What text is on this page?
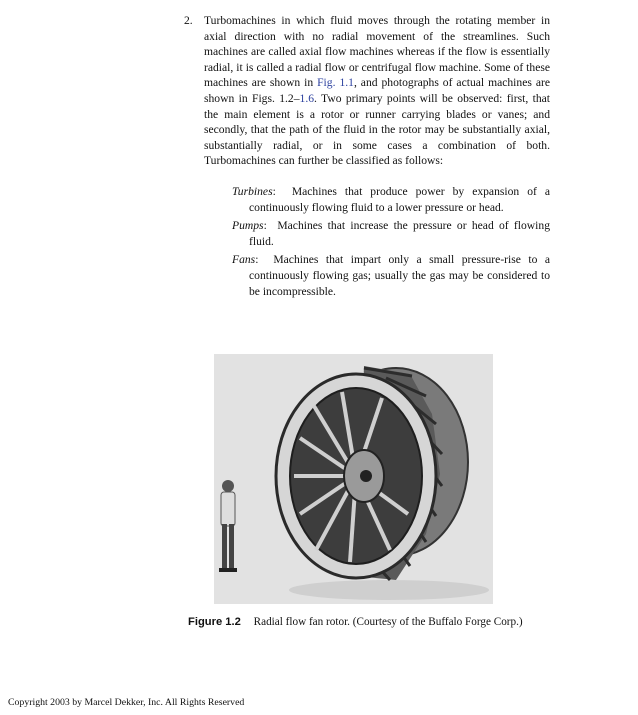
2. Turbomachines in which fluid moves through the rotating member in axial direction with no radial movement of the streamlines. Such machines are called axial flow machines whereas if the flow is essentially radial, it is called a radial flow or centrifugal flow machine. Some of these machines are shown in Fig. 1.1, and photographs of actual machines are shown in Figs. 1.2–1.6. Two primary points will be observed: first, that the main element is a rotor or runner carrying blades or vanes; and secondly, that the path of the fluid in the rotor may be substantially axial, substantially radial, or in some cases a combination of both. Turbomachines can further be classified as follows:
Turbines: Machines that produce power by expansion of a continuously flowing fluid to a lower pressure or head.
Pumps: Machines that increase the pressure or head of flowing fluid.
Fans: Machines that impart only a small pressure-rise to a continuously flowing gas; usually the gas may be considered to be incompressible.
Figure 1.2 Radial flow fan rotor. (Courtesy of the Buffalo Forge Corp.)
Copyright 2003 by Marcel Dekker, Inc. All Rights Reserved
